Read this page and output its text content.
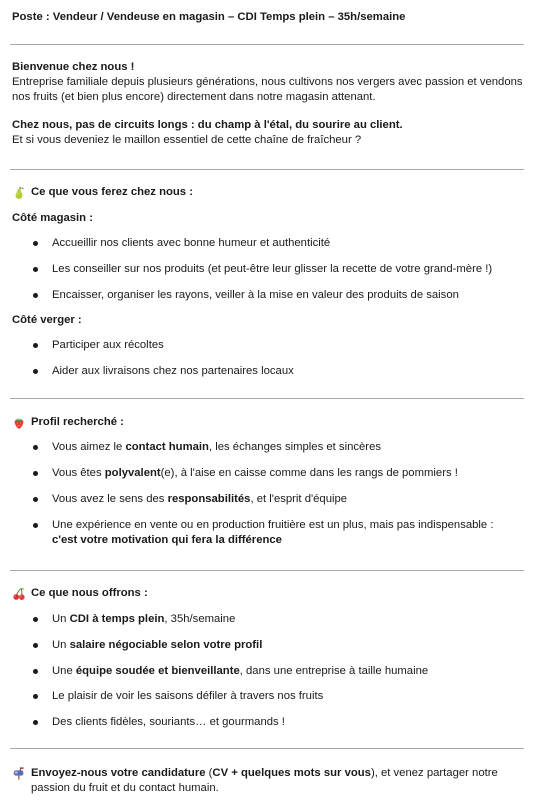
Poste : Vendeur / Vendeuse en magasin – CDI Temps plein – 35h/semaine
Bienvenue chez nous !
Entreprise familiale depuis plusieurs générations, nous cultivons nos vergers avec passion et vendons nos fruits (et bien plus encore) directement dans notre magasin attenant.
Chez nous, pas de circuits longs : du champ à l'étal, du sourire au client.
Et si vous deveniez le maillon essentiel de cette chaîne de fraîcheur ?
Ce que vous ferez chez nous :
Côté magasin :
Accueillir nos clients avec bonne humeur et authenticité
Les conseiller sur nos produits (et peut-être leur glisser la recette de votre grand-mère !)
Encaisser, organiser les rayons, veiller à la mise en valeur des produits de saison
Côté verger :
Participer aux récoltes
Aider aux livraisons chez nos partenaires locaux
Profil recherché :
Vous aimez le contact humain, les échanges simples et sincères
Vous êtes polyvalent(e), à l'aise en caisse comme dans les rangs de pommiers !
Vous avez le sens des responsabilités, et l'esprit d'équipe
Une expérience en vente ou en production fruitière est un plus, mais pas indispensable :
c'est votre motivation qui fera la différence
Ce que nous offrons :
Un CDI à temps plein, 35h/semaine
Un salaire négociable selon votre profil
Une équipe soudée et bienveillante, dans une entreprise à taille humaine
Le plaisir de voir les saisons défiler à travers nos fruits
Des clients fidèles, souriants… et gourmands !
Envoyez-nous votre candidature (CV + quelques mots sur vous), et venez partager notre passion du fruit et du contact humain.
